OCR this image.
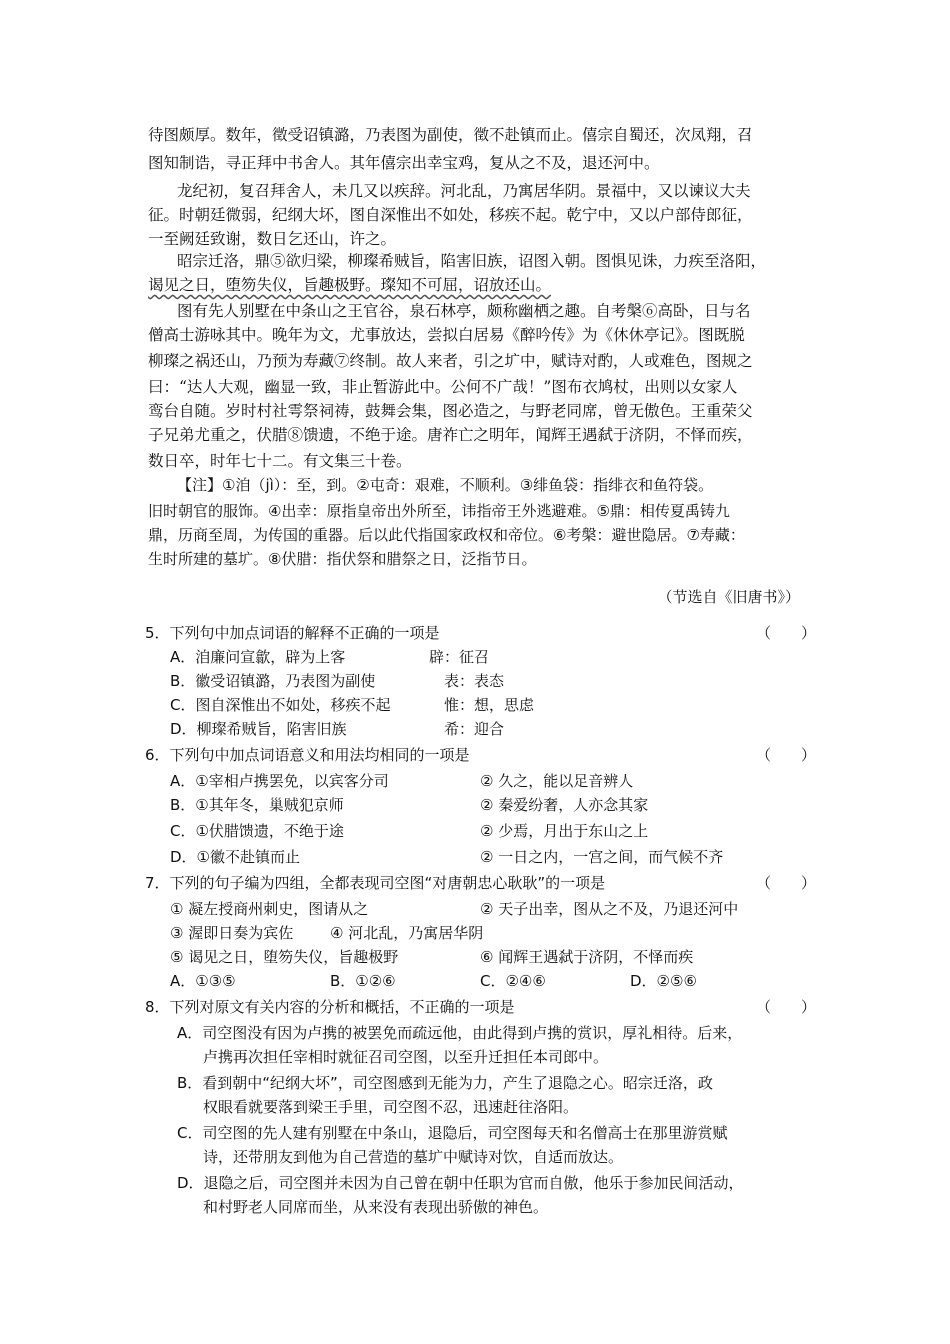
待图颇厚。数年，徵受诏镇潞，乃表图为副使，徵不赴镇而止。僖宗自蜀还，次凤翔，召
图知制诰，寻正拜中书舍人。其年僖宗出幸宝鸡，复从之不及，退还河中。
龙纪初，复召拜舍人，未几又以疾辞。河北乱，乃寓居华阴。景福中，又以谏议大夫
征。时朝廷微弱，纪纲大坏，图自深惟出不如处，移疾不起。乾宁中，又以户部侍郎征，
一至阙廷致谢，数日乞还山，许之。
昭宗迁洛，鼎⑤欲归梁，柳璨希贼旨，陷害旧族，诏图入朝。图惧见诛，力疾至洛阳，
谒见之日，堕笏失仪，旨趣极野。璨知不可屈，诏放还山。
图有先人别墅在中条山之王官谷，泉石林亭，颇称幽栖之趣。自考槃⑥高卧，日与名
僧高士游咏其中。晚年为文，尤事放达，尝拟白居易《醉吟传》为《休休亭记》。图既脱
柳璨之祸还山，乃预为寿藏⑦终制。故人来者，引之圹中，赋诗对酌，人或难色，图规之
曰：“达人大观，幽显一致，非止暂游此中。公何不广哉！”图布衣鸠杖，出则以女家人
鸾台自随。岁时村社雩祭祠祷，鼓舞会集，图必造之，与野老同席，曾无傲色。王重荣父
子兄弟尤重之，伏腊⑧馈遗，不绝于途。唐祚亡之明年，闻辉王遇弑于济阴，不怿而疾，
数日卒，时年七十二。有文集三十卷。
【注】①洎（jì）：至，到。②屯奇：艰难，不顺利。③绯鱼袋：指绯衣和鱼符袋。
旧时朝官的服饰。④出幸：原指皇帝出外所至，讳指帝王外逃避难。⑤鼎：相传夏禹铸九
鼎，历商至周，为传国的重器。后以此代指国家政权和帝位。⑥考槃：避世隐居。⑦寿藏：
生时所建的墓圹。⑧伏腊：指伏祭和腊祭之日，泛指节日。
（节选自《旧唐书》）
5．下列句中加点词语的解释不正确的一项是	（　　）
A．洎廉问宣歙，辟为上客	辟：征召
B．徽受诏镇潞，乃表图为副使	表：表态
C．图自深惟出不如处，移疾不起	惟：想，思虑
D．柳璨希贼旨，陷害旧族	希：迎合
6．下列句中加点词语意义和用法均相同的一项是	（　　）
A．①宰相卢携罢免，以宾客分司	② 久之，能以足音辨人
B．①其年冬，巢贼犯京师	② 秦爱纷奢，人亦念其家
C．①伏腊馈遗，不绝于途	② 少焉，月出于东山之上
D．①徽不赴镇而止	② 一日之内，一宫之间，而气候不齐
7．下列的句子编为四组，全都表现司空图“对唐朝忠心耿耿”的一项是	（　　）
① 凝左授商州刺史，图请从之	② 天子出幸，图从之不及，乃退还河中
③ 渥即日奏为宾佐 ④ 河北乱，乃寓居华阴
⑤ 谒见之日，堕笏失仪，旨趣极野	⑥ 闻辉王遇弑于济阴，不怿而疾
A．①③⑤	B．①②⑥	C．②④⑥	D．②⑤⑥
8．下列对原文有关内容的分析和概括，不正确的一项是	（　　）
A．司空图没有因为卢携的被罢免而疏远他，由此得到卢携的赏识，厚礼相待。后来，
卢携再次担任宰相时就征召司空图，以至升迁担任本司郎中。
B．看到朝中“纪纲大坏”，司空图感到无能为力，产生了退隐之心。昭宗迁洛，政
权眼看就要落到梁王手里，司空图不忍，迅速赶往洛阳。
C．司空图的先人建有别墅在中条山，退隐后，司空图每天和名僧高士在那里游赏赋
诗，还带朋友到他为自己营造的墓圹中赋诗对饮，自适而放达。
D．退隐之后，司空图并未因为自己曾在朝中任职为官而自傲，他乐于参加民间活动，
和村野老人同席而坐，从来没有表现出骄傲的神色。
